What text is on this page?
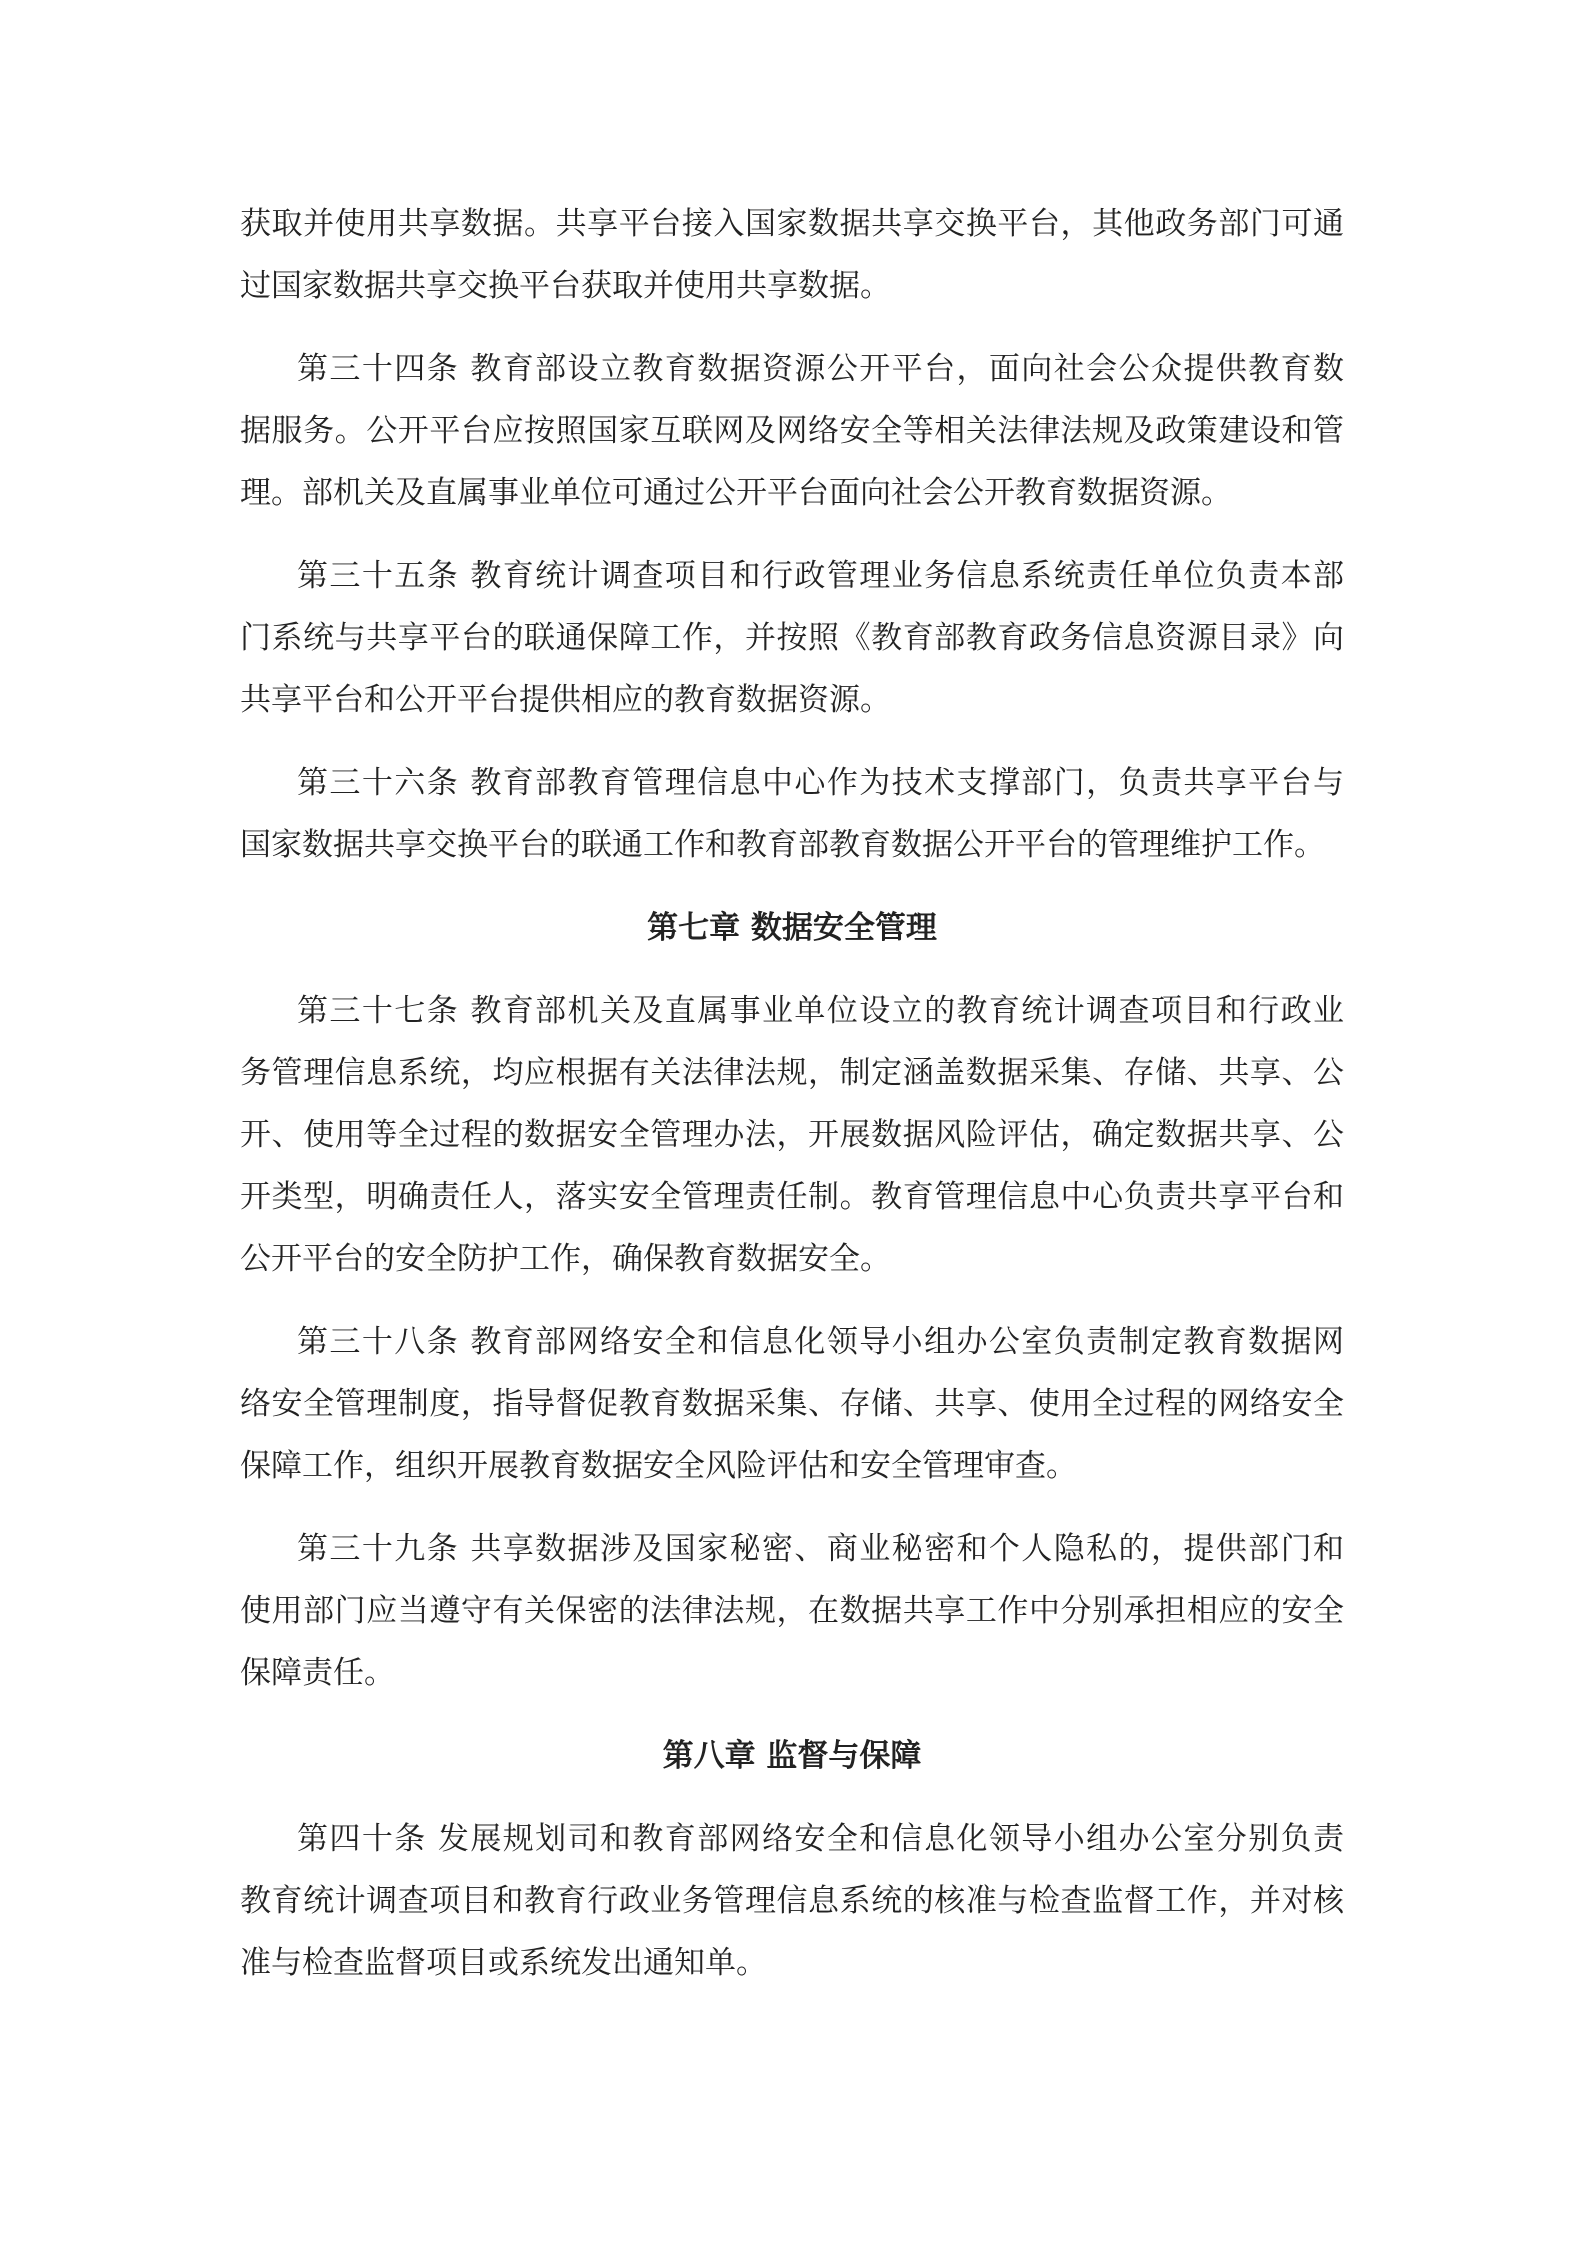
获取并使用共享数据。共享平台接入国家数据共享交换平台，其他政务部门可通
过国家数据共享交换平台获取并使用共享数据。
第三十四条 教育部设立教育数据资源公开平台，面向社会公众提供教育数
据服务。公开平台应按照国家互联网及网络安全等相关法律法规及政策建设和管
理。部机关及直属事业单位可通过公开平台面向社会公开教育数据资源。
第三十五条 教育统计调查项目和行政管理业务信息系统责任单位负责本部
门系统与共享平台的联通保障工作，并按照《教育部教育政务信息资源目录》向
共享平台和公开平台提供相应的教育数据资源。
第三十六条 教育部教育管理信息中心作为技术支撑部门，负责共享平台与
国家数据共享交换平台的联通工作和教育部教育数据公开平台的管理维护工作。
第七章 数据安全管理
第三十七条 教育部机关及直属事业单位设立的教育统计调查项目和行政业
务管理信息系统，均应根据有关法律法规，制定涵盖数据采集、存储、共享、公
开、使用等全过程的数据安全管理办法，开展数据风险评估，确定数据共享、公
开类型，明确责任人，落实安全管理责任制。教育管理信息中心负责共享平台和
公开平台的安全防护工作，确保教育数据安全。
第三十八条 教育部网络安全和信息化领导小组办公室负责制定教育数据网
络安全管理制度，指导督促教育数据采集、存储、共享、使用全过程的网络安全
保障工作，组织开展教育数据安全风险评估和安全管理审查。
第三十九条 共享数据涉及国家秘密、商业秘密和个人隐私的，提供部门和
使用部门应当遵守有关保密的法律法规，在数据共享工作中分别承担相应的安全
保障责任。
第八章 监督与保障
第四十条 发展规划司和教育部网络安全和信息化领导小组办公室分别负责
教育统计调查项目和教育行政业务管理信息系统的核准与检查监督工作，并对核
准与检查监督项目或系统发出通知单。
